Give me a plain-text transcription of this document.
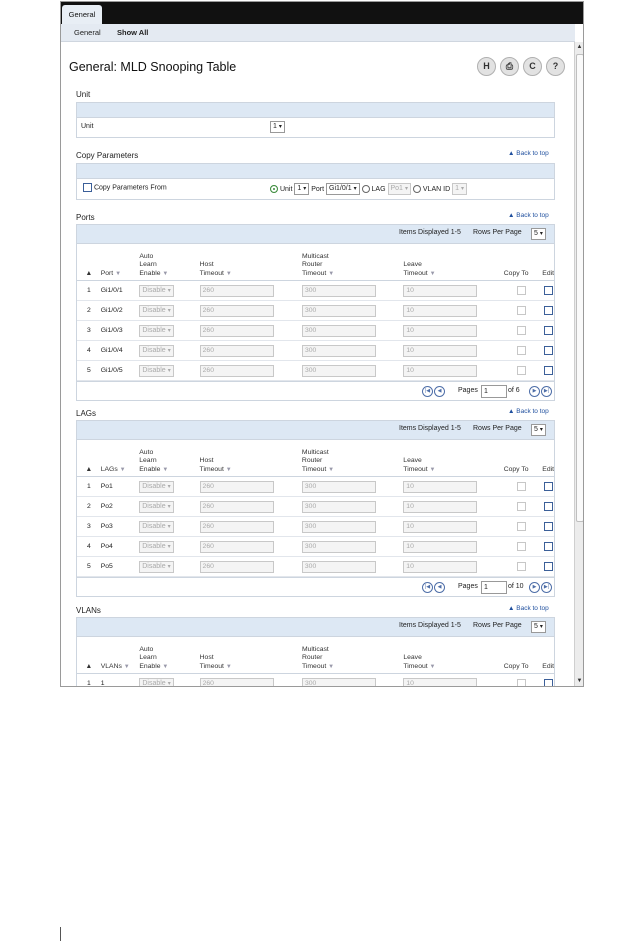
General
General Show All
General: MLD Snooping Table	H	⎙	C	?
Unit
Unit	1 ▾
Copy Parameters	▲ Back to top
Copy Parameters From	Unit 1 ▾ Port Gi1/0/1 ▾ LAG Po1 ▾ VLAN ID 1 ▾
Ports	▲ Back to top
Items Displayed 1-5 Rows Per Page	5 ▾
▲	Port ▼	Auto
Learn
Enable ▼	Host
Timeout ▼	Multicast
Router
Timeout ▼	Leave
Timeout ▼	Copy To	Edit
1	Gi1/0/1	Disable ▾	260	300	10		
2	Gi1/0/2	Disable ▾	260	300	10		
3	Gi1/0/3	Disable ▾	260	300	10		
4	Gi1/0/4	Disable ▾	260	300	10		
5	Gi1/0/5	Disable ▾	260	300	10		
|◀	◀	Pages 1	of 6	▶	▶|
LAGs	▲ Back to top
Items Displayed 1-5 Rows Per Page	5 ▾
▲	LAGs ▼	Auto
Learn
Enable ▼	Host
Timeout ▼	Multicast
Router
Timeout ▼	Leave
Timeout ▼	Copy To	Edit
1	Po1	Disable ▾	260	300	10		
2	Po2	Disable ▾	260	300	10		
3	Po3	Disable ▾	260	300	10		
4	Po4	Disable ▾	260	300	10		
5	Po5	Disable ▾	260	300	10		
|◀	◀	Pages 1	of 10	▶	▶|
VLANs	▲ Back to top
Items Displayed 1-5 Rows Per Page	5 ▾
▲	VLANs ▼	Auto
Learn
Enable ▼	Host
Timeout ▼	Multicast
Router
Timeout ▼	Leave
Timeout ▼	Copy To	Edit
1	1	Disable ▾	260	300	10		
▲
▼
